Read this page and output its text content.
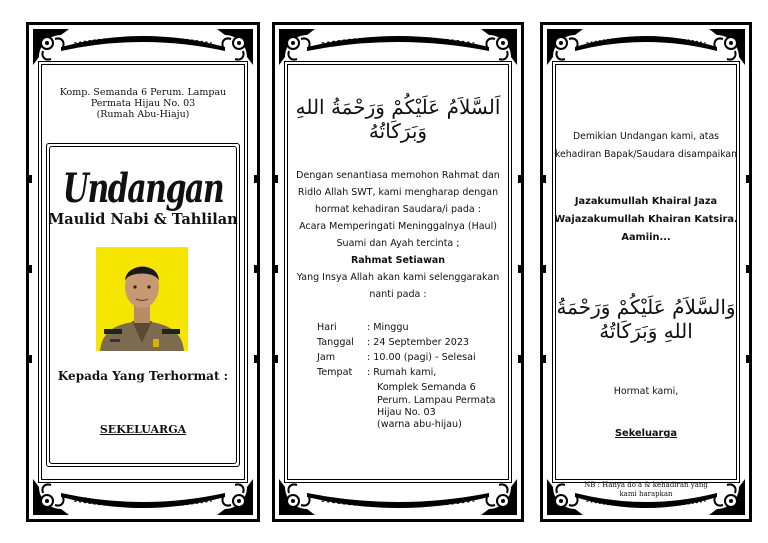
Komp. Semanda 6 Perum. Lampau
Permata Hijau No. 03
(Rumah Abu-Hiaju)
Undangan
Maulid Nabi & Tahlilan
Kepada Yang Terhormat :
SEKELUARGA
اَلسَّلاَمُ عَلَيْكُمْ وَرَحْمَةُ اللهِ وَبَرَكَاتُهُ
Dengan senantiasa memohon Rahmat dan
Ridlo Allah SWT, kami mengharap dengan
hormat kehadiran Saudara/i pada :
Acara Memperingati Meninggalnya (Haul)
Suami dan Ayah tercinta ;
Rahmat Setiawan
Yang Insya Allah akan kami selenggarakan
nanti pada :
Hari	: Minggu
Tanggal	: 24 September 2023
Jam	: 10.00 (pagi) - Selesai
Tempat	: Rumah kami,
Komplek Semanda 6
Perum. Lampau Permata
Hijau No. 03
(warna abu-hijau)
Demikian Undangan kami, atas
kehadiran Bapak/Saudara disampaikan
Jazakumullah Khairal Jaza
Wajazakumullah Khairan Katsira.
Aamiin...
وَالسَّلاَمُ عَلَيْكُمْ وَرَحْمَةُ اللهِ وَبَرَكَاتُهُ
Hormat kami,
Sekeluarga
NB : Hanya do'a & kehadiran yang
kami harapkan
